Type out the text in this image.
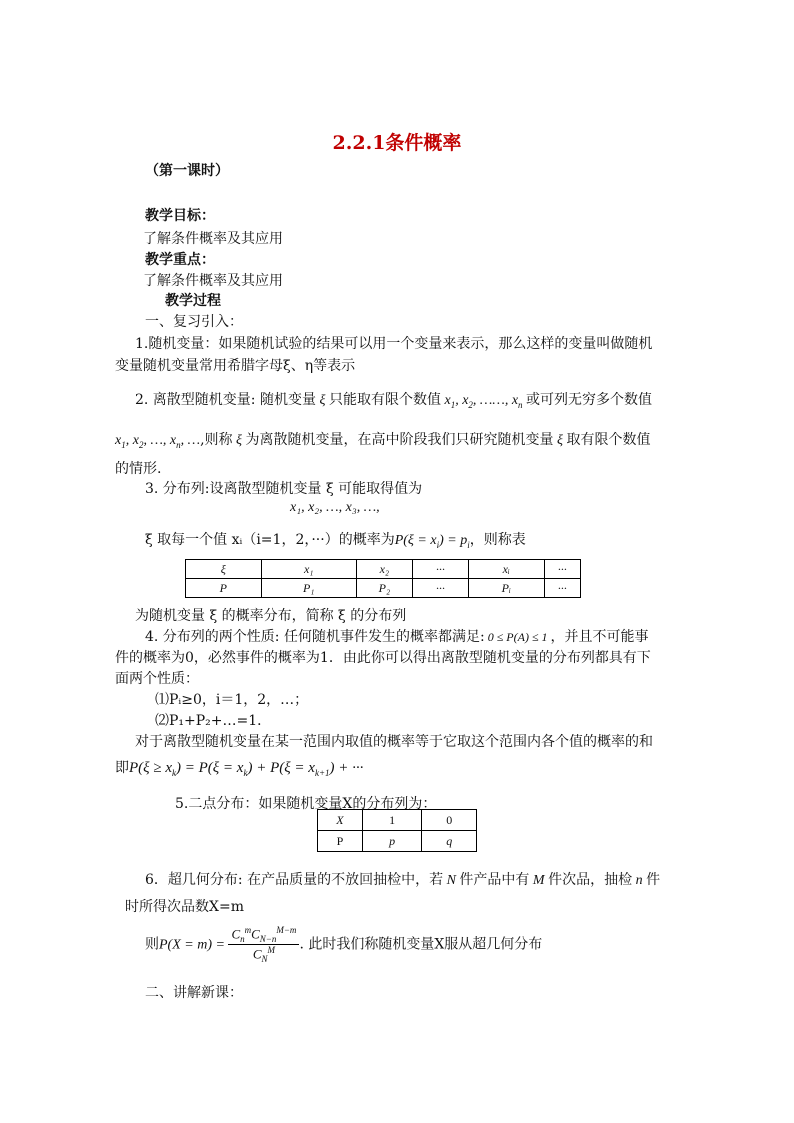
2.2.1条件概率
（第一课时）
教学目标：
了解条件概率及其应用
教学重点：
了解条件概率及其应用
教学过程
一、复习引入：
1.随机变量：如果随机试验的结果可以用一个变量来表示，那么这样的变量叫做随机
变量随机变量常用希腊字母ξ、η等表示
2. 离散型随机变量: 随机变量 ξ 只能取有限个数值 $x_1$, $x_2$, ……, $x_n$ 或可列无穷多个数值
$x_1$, $x_2$, …, $x_n$, …,则称 ξ 为离散随机变量，在高中阶段我们只研究随机变量 ξ 取有限个数值
的情形.
3. 分布列:设离散型随机变量 ξ 可能取得值为
x₁, x₂, …, x₃, …,
ξ 取每一个值 xᵢ（i=1，2，···）的概率为$P(\xi = x_i) = p_i$，则称表
ξ	x₁	x₂	···	xᵢ	···
P	P₁	P₂	···	Pᵢ	···
为随机变量 ξ 的概率分布，简称 ξ 的分布列
4. 分布列的两个性质: 任何随机事件发生的概率都满足: 0 ≤ P(A) ≤ 1 ，并且不可能事
件的概率为0，必然事件的概率为1．由此你可以得出离散型随机变量的分布列都具有下
面两个性质：
⑴Pᵢ≥0，i＝1，2，…；
⑵P₁+P₂+…=1．
对于离散型随机变量在某一范围内取值的概率等于它取这个范围内各个值的概率的和
即$P(\xi \ge x_k) = P(\xi = x_k) + P(\xi = x_{k+1})$ + ···
5.二点分布：如果随机变量X的分布列为：
X	1	0
P	p	q
6．超几何分布: 在产品质量的不放回抽检中，若 N 件产品中有 M 件次品，抽检 n 件
时所得次品数X=m
则$P(X = m) = \frac{C_n^mC_{N-n}^{M-m}}{C_N^M}$ . 此时我们称随机变量X服从超几何分布
二、讲解新课：
